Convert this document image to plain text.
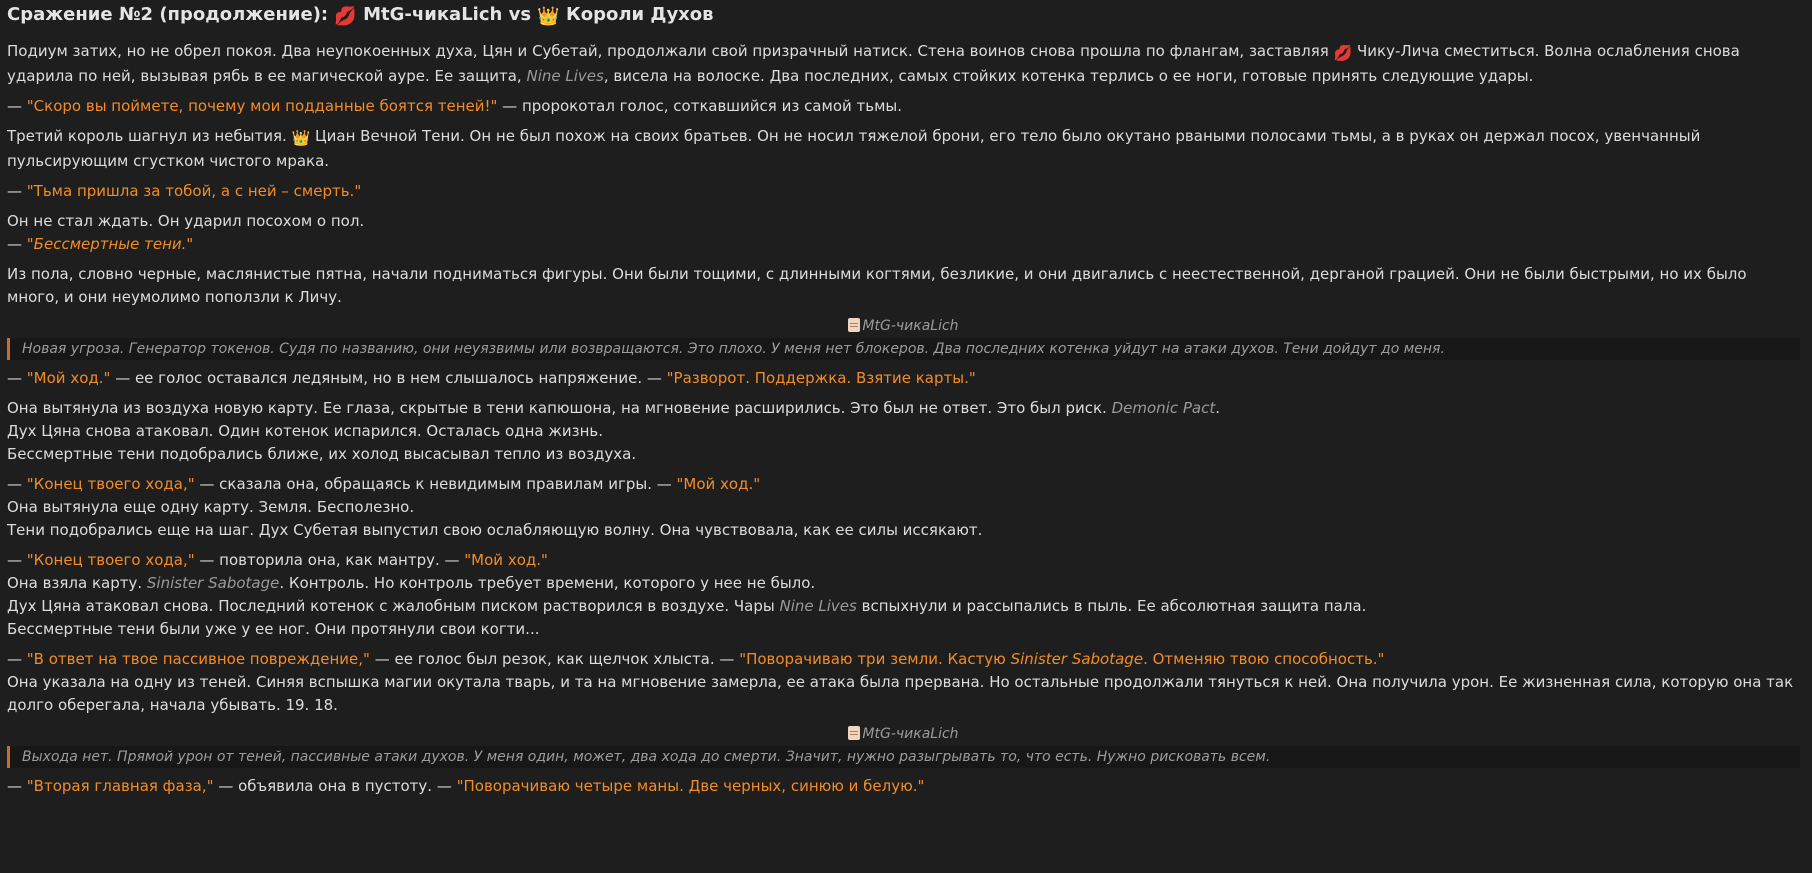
Сражение №2 (продолжение): 💋 MtG-чикаLich vs 👑 Короли Духов

Подиум затих, но не обрел покоя. Два неупокоенных духа, Цян и Субетай, продолжали свой призрачный натиск. Стена воинов снова прошла по флангам, заставляя 💋 Чику-Лича сместиться. Волна ослабления снова ударила по ней, вызывая рябь в ее магической ауре. Ее защита, Nine Lives, висела на волоске. Два последних, самых стойких котенка терлись о ее ноги, готовые принять следующие удары.

— "Скоро вы поймете, почему мои подданные боятся теней!" — пророкотал голос, сотκавшийся из самой тьмы.

Третий король шагнул из небытия. 👑 Циан Вечной Тени. Он не был похож на своих братьев. Он не носил тяжелой брони, его тело было окутано рваными полосами тьмы, а в руках он держал посох, увенчанный пульсирующим сгустком чистого мрака.

— "Тьма пришла за тобой, а с ней – смерть."

Он не стал ждать. Он ударил посохом о пол.

— "Бессмертные тени."

Из пола, словно черные, маслянистые пятна, начали подниматься фигуры. Они были тощими, с длинными когтями, безликие, и они двигались с неестественной, дерганой грацией. Они не были быстрыми, но их было много, и они неумолимо поползли к Личу.

MtG-чикаLich
Новая угроза. Генератор токенов. Судя по названию, они неуязвимы или возвращаются. Это плохо. У меня нет блокеров. Два последних котенка уйдут на атаки духов. Тени дойдут до меня.

— "Мой ход." — ее голос оставался ледяным, но в нем слышалось напряжение. — "Разворот. Поддержка. Взятие карты."

Она вытянула из воздуха новую карту. Ее глаза, скрытые в тени капюшона, на мгновение расширились. Это был не ответ. Это был риск. Demonic Pact.

Дух Цяна снова атаковал. Один котенок испарился. Осталась одна жизнь.

Бессмертные тени подобрались ближе, их холод высасывал тепло из воздуха.

— "Конец твоего хода," — сказала она, обращаясь к невидимым правилам игры. — "Мой ход."

Она вытянула еще одну карту. Земля. Бесполезно.

Тени подобрались еще на шаг. Дух Субетая выпустил свою ослабляющую волну. Она чувствовала, как ее силы иссякают.

— "Конец твоего хода," — повторила она, как мантру. — "Мой ход."

Она взяла карту. Sinister Sabotage. Контроль. Но контроль требует времени, которого у нее не было.

Дух Цяна атаковал снова. Последний котенок с жалобным писком растворился в воздухе. Чары Nine Lives вспыхнули и рассыпались в пыль. Ее абсолютная защита пала.

Бессмертные тени были уже у ее ног. Они протянули свои когти...

— "В ответ на твое пассивное повреждение," — ее голос был резок, как щелчок хлыста. — "Поворачиваю три земли. Кастую Sinister Sabotage. Отменяю твою способность."

Она указала на одну из теней. Синяя вспышка магии окутала тварь, и та на мгновение замерла, ее атака была прервана. Но остальные продолжали тянуться к ней. Она получила урон. Ее жизненная сила, которую она так долго оберегала, начала убывать. 19. 18.

MtG-чикаLich
Выхода нет. Прямой урон от теней, пассивные атаки духов. У меня один, может, два хода до смерти. Значит, нужно разыгрывать то, что есть. Нужно рисковать всем.

— "Вторая главная фаза," — объявила она в пустоту. — "Поворачиваю четыре маны. Две черных, синюю и белую."
